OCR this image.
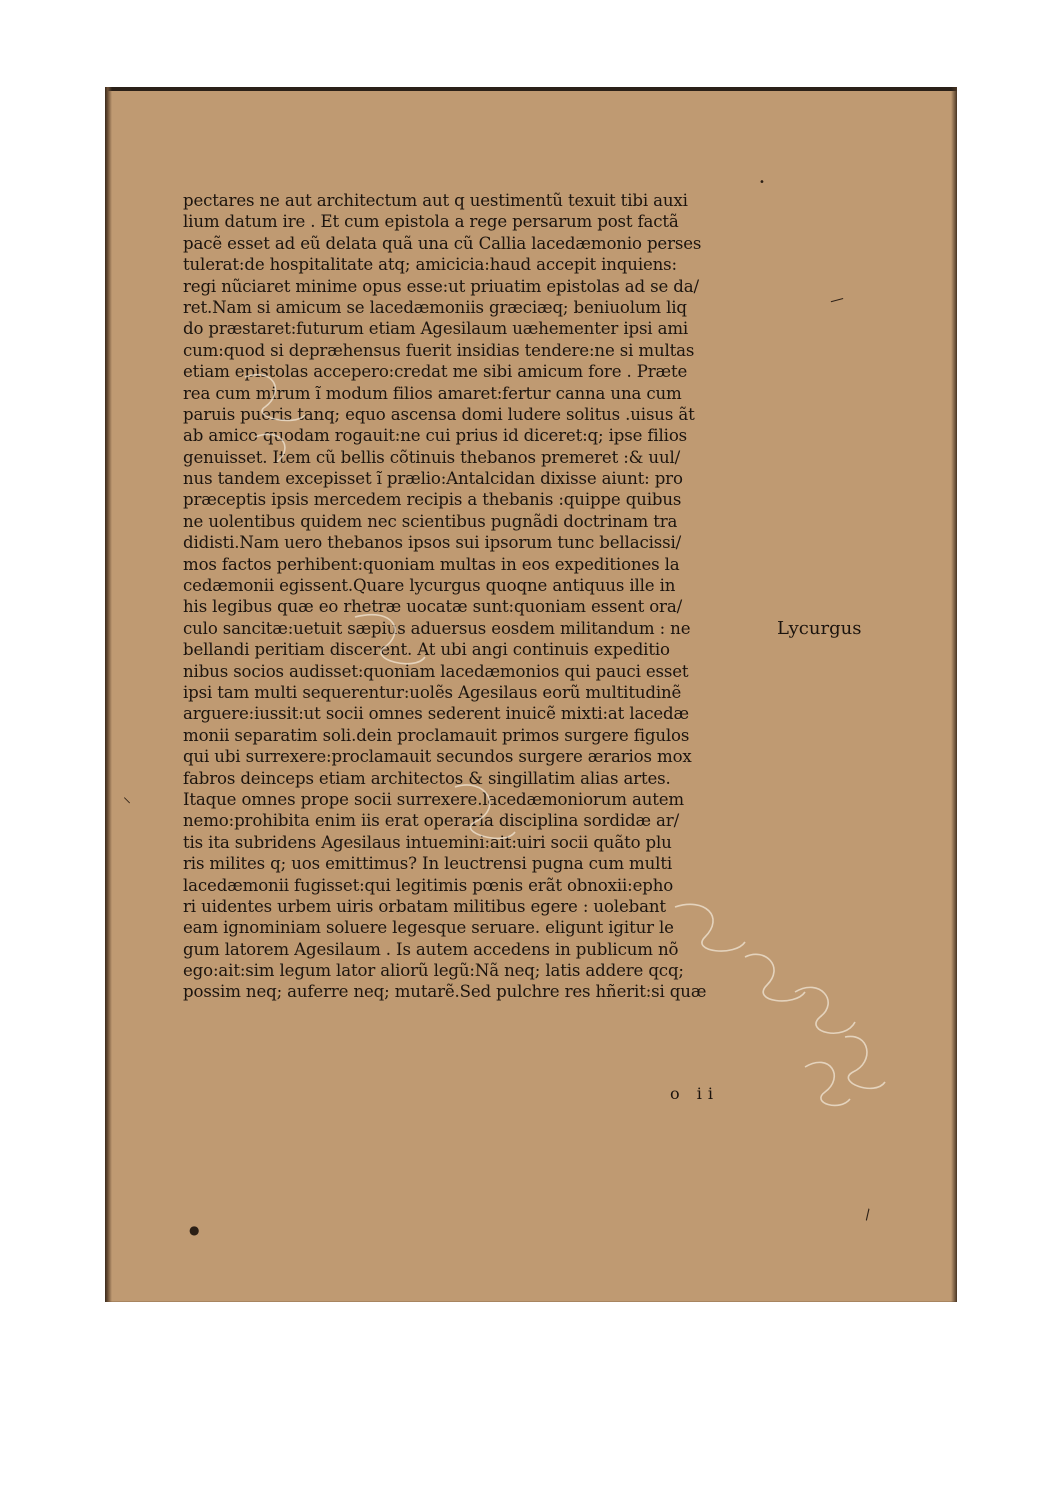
pectares ne aut architectum aut q uestimentũ texuit tibi auxi
lium datum ire . Et cum epistola a rege persarum post factã
pacẽ esset ad eũ delata quã una cũ Callia lacedæmonio perses
tulerat:de hospitalitate atq; amicicia:haud accepit inquiens:
regi nũciaret minime opus esse:ut priuatim epistolas ad se da/
ret.Nam si amicum se lacedæmoniis græciæq; beniuolum liq
do præstaret:futurum etiam Agesilaum uæhementer ipsi ami
cum:quod si depræhensus fuerit insidias tendere:ne si multas
etiam epistolas accepero:credat me sibi amicum fore . Præte
rea cum mirum ĩ modum filios amaret:fertur canna una cum
paruis pueris tanq; equo ascensa domi ludere solitus .uisus ãt
ab amico quodam rogauit:ne cui prius id diceret:q; ipse filios
genuisset. Item cũ bellis cõtinuis thebanos premeret :& uul/
nus tandem excepisset ĩ prælio:Antalcidan dixisse aiunt: pro
præceptis ipsis mercedem recipis a thebanis :quippe quibus
ne uolentibus quidem nec scientibus pugnãdi doctrinam tra
didisti.Nam uero thebanos ipsos sui ipsorum tunc bellacissi/
mos factos perhibent:quoniam multas in eos expeditiones la
cedæmonii egissent.Quare lycurgus quoqne antiquus ille in
his legibus quæ eo rhetræ uocatæ sunt:quoniam essent ora/
culo sancitæ:uetuit sæpius aduersus eosdem militandum : ne
bellandi peritiam discerent. At ubi angi continuis expeditio
nibus socios audisset:quoniam lacedæmonios qui pauci esset
ipsi tam multi sequerentur:uolẽs Agesilaus eorũ multitudinẽ
arguere:iussit:ut socii omnes sederent inuicẽ mixti:at lacedæ
monii separatim soli.dein proclamauit primos surgere figulos
qui ubi surrexere:proclamauit secundos surgere ærarios mox
fabros deinceps etiam architectos & singillatim alias artes.
Itaque omnes prope socii surrexere.lacedæmoniorum autem
nemo:prohibita enim iis erat operaria disciplina sordidæ ar/
tis ita subridens Agesilaus intuemini:ait:uiri socii quãto plu
ris milites q; uos emittimus? In leuctrensi pugna cum multi
lacedæmonii fugisset:qui legitimis pœnis erãt obnoxii:epho
ri uidentes urbem uiris orbatam militibus egere : uolebant
eam ignominiam soluere legesque seruare. eligunt igitur le
gum latorem Agesilaum . Is autem accedens in publicum nõ
ego:ait:sim legum lator aliorũ legũ:Nã neq; latis addere qcq;
possim neq; auferre neq; mutarẽ.Sed pulchre res hñerit:si quæ
Lycurgus
o ii
•
—
⸜
●
\
